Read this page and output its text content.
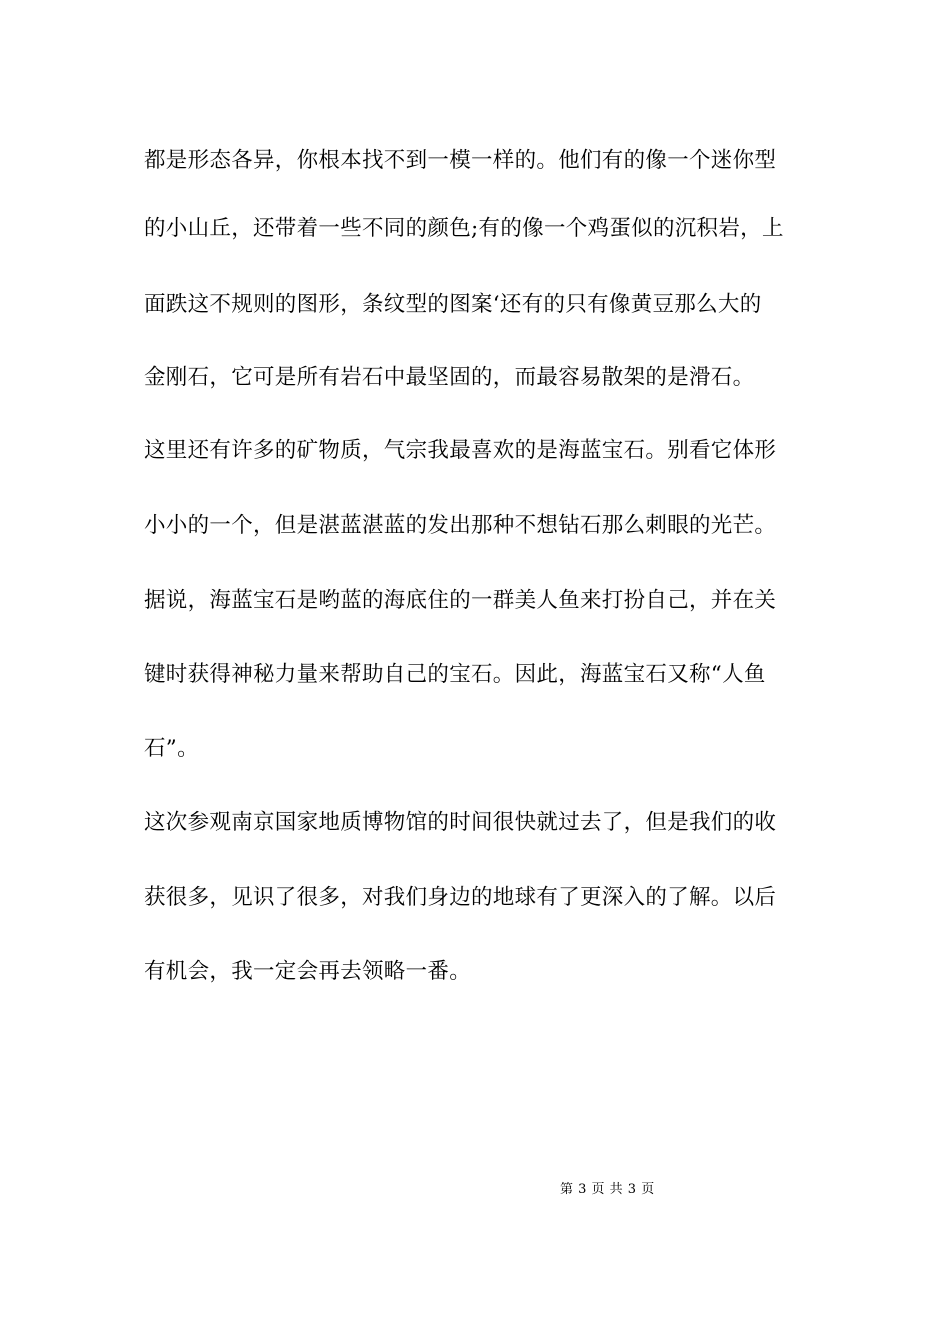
都是形态各异，你根本找不到一模一样的。他们有的像一个迷你型
的小山丘，还带着一些不同的颜色;有的像一个鸡蛋似的沉积岩，上
面跌这不规则的图形，条纹型的图案‘还有的只有像黄豆那么大的
金刚石，它可是所有岩石中最坚固的，而最容易散架的是滑石。
这里还有许多的矿物质，气宗我最喜欢的是海蓝宝石。别看它体形
小小的一个，但是湛蓝湛蓝的发出那种不想钻石那么刺眼的光芒。
据说，海蓝宝石是哟蓝的海底住的一群美人鱼来打扮自己，并在关
键时获得神秘力量来帮助自己的宝石。因此，海蓝宝石又称“人鱼
石”。
这次参观南京国家地质博物馆的时间很快就过去了，但是我们的收
获很多，见识了很多，对我们身边的地球有了更深入的了解。以后
有机会，我一定会再去领略一番。
第 3 页 共 3 页
